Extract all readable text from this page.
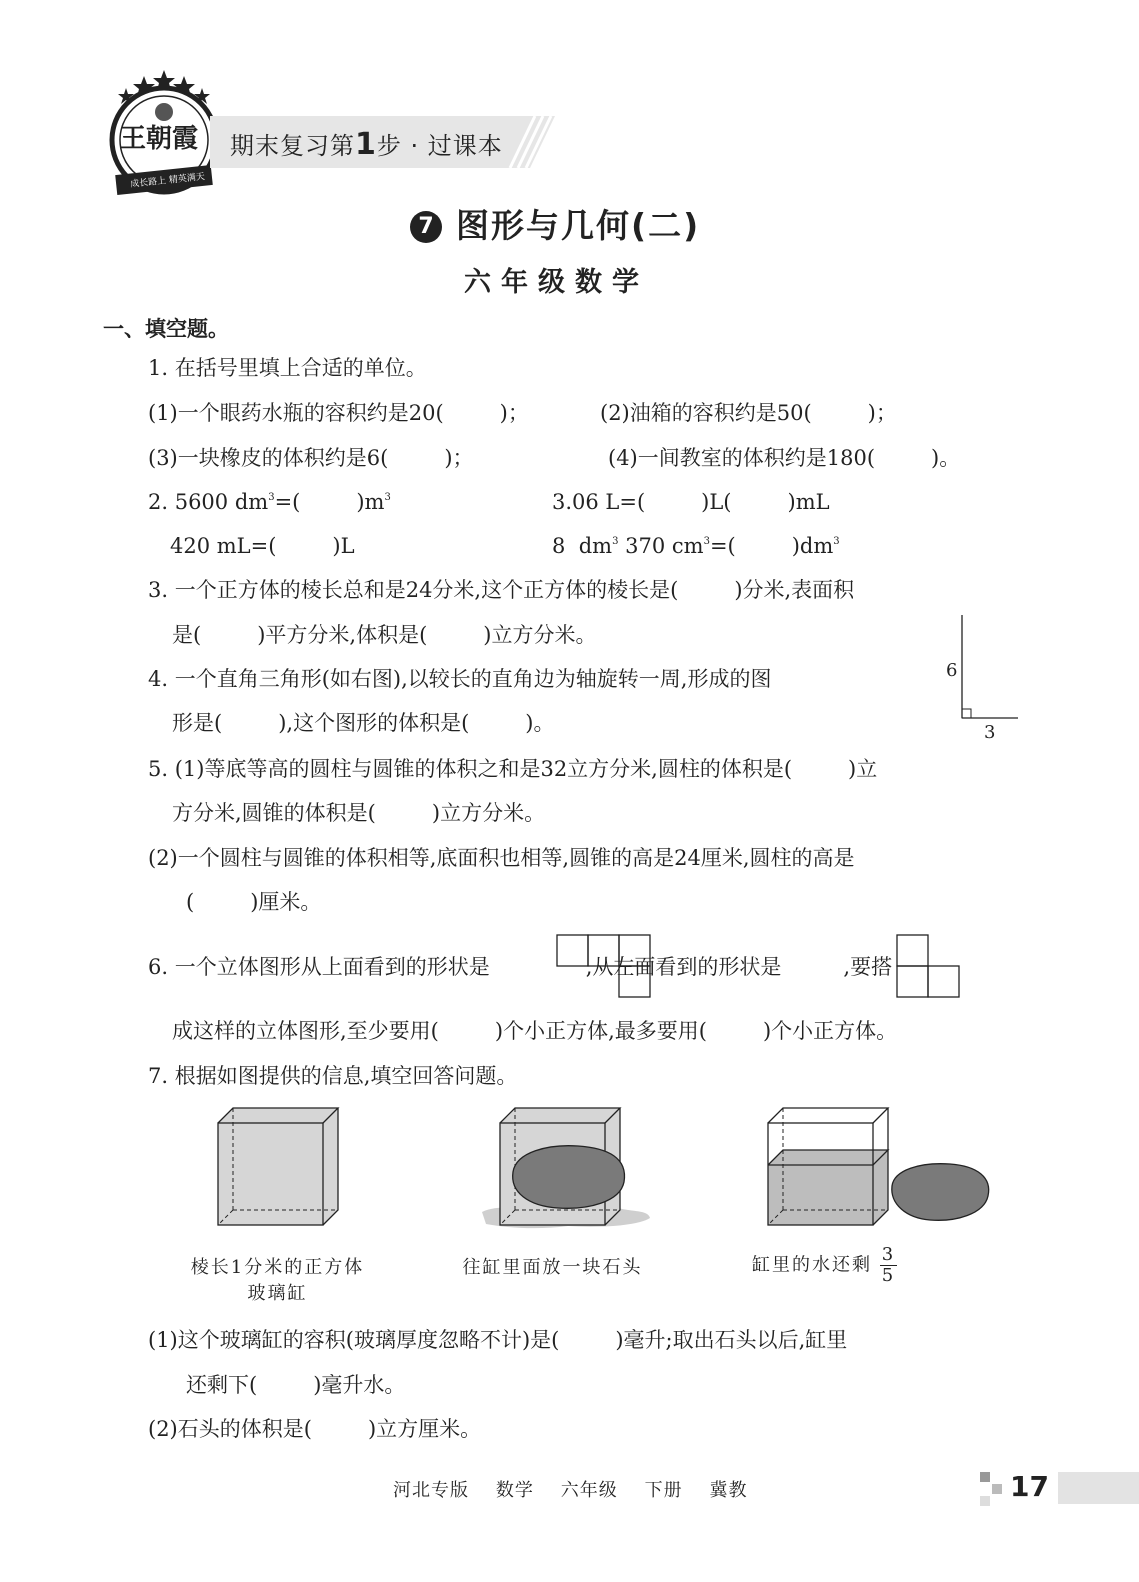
王朝霞
成长路上 精英满天
期末复习第1步 · 过课本
7 图形与几何(二)
六年级数学
一、填空题。
1. 在括号里填上合适的单位。
(1)一个眼药水瓶的容积约是20(	)；	(2)油箱的容积约是50(	)；
(3)一块橡皮的体积约是6(	)；	(4)一间教室的体积约是180(	)。
2. 5600 $dm^3=$(	)$m^3$	3.06 L=(	)L(	)mL
420 mL=(	)L	8  $dm^3$ 370 $cm^3=$(	)$dm^3$
3. 一个正方体的棱长总和是24分米,这个正方体的棱长是(	)分米,表面积
是(	)平方分米,体积是(	)立方分米。
4. 一个直角三角形(如右图),以较长的直角边为轴旋转一周,形成的图
形是(	),这个图形的体积是(	)。
6
3
5. (1)等底等高的圆柱与圆锥的体积之和是32立方分米,圆柱的体积是(	)立
方分米,圆锥的体积是(	)立方分米。
(2)一个圆柱与圆锥的体积相等,底面积也相等,圆锥的高是24厘米,圆柱的高是
(	)厘米。
6. 一个立体图形从上面看到的形状是	,从左面看到的形状是	,要搭
成这样的立体图形,至少要用(	)个小正方体,最多要用(	)个小正方体。
7. 根据如图提供的信息,填空回答问题。
棱长1分米的正方体
玻璃缸
往缸里面放一块石头	缸里的水还剩 $\frac{3}{5}$
(1)这个玻璃缸的容积(玻璃厚度忽略不计)是(	)毫升;取出石头以后,缸里
还剩下(	)毫升水。
(2)石头的体积是(	)立方厘米。
河北专版    数学    六年级    下册    冀教	17
